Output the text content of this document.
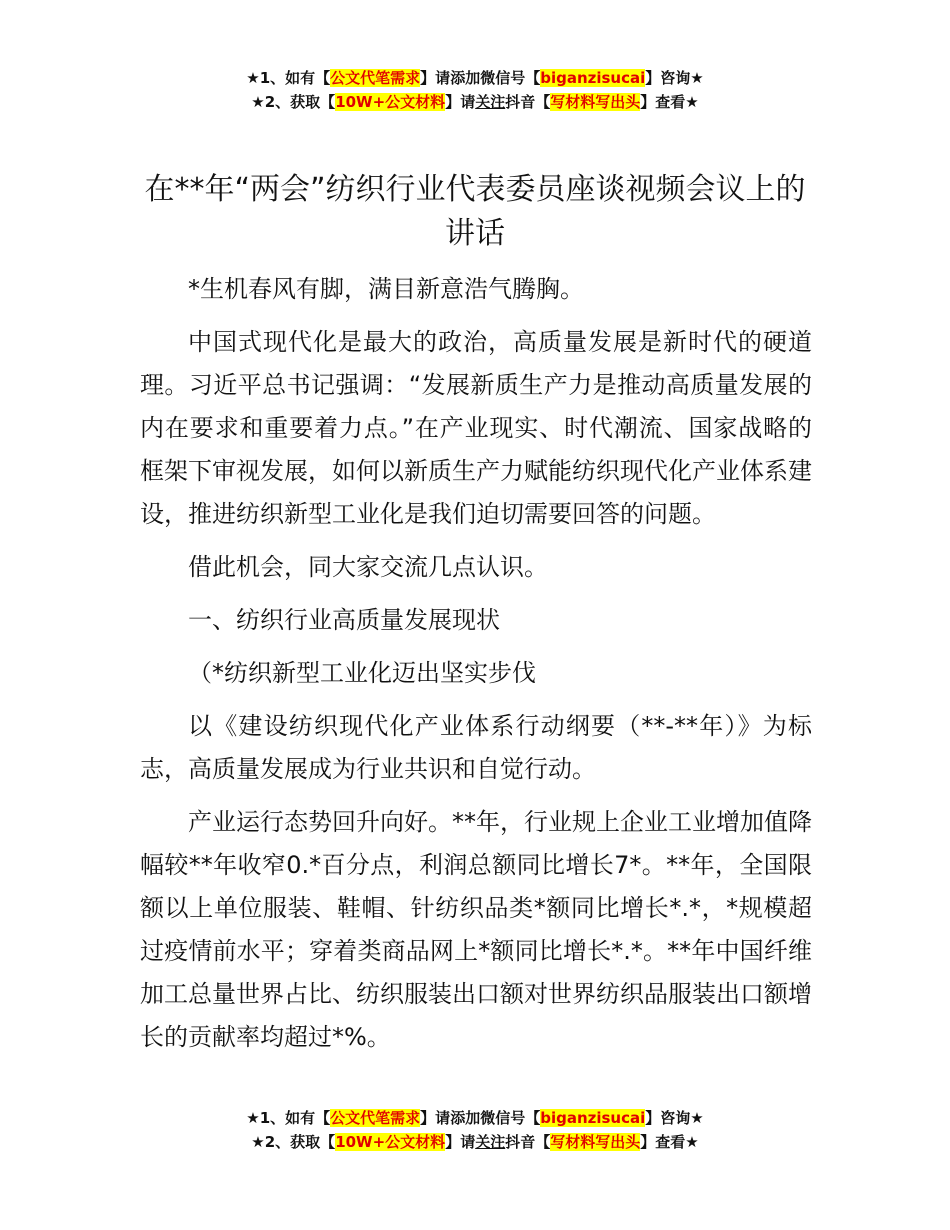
★1、如有【公文代笔需求】请添加微信号【biganzisucai】咨询★
★2、获取【10W+公文材料】请关注抖音【写材料写出头】查看★
在**年“两会”纺织行业代表委员座谈视频会议上的讲话

*生机春风有脚，满目新意浩气腾胸。

中国式现代化是最大的政治，高质量发展是新时代的硬道理。习近平总书记强调：“发展新质生产力是推动高质量发展的内在要求和重要着力点。”在产业现实、时代潮流、国家战略的框架下审视发展，如何以新质生产力赋能纺织现代化产业体系建设，推进纺织新型工业化是我们迫切需要回答的问题。

借此机会，同大家交流几点认识。

一、纺织行业高质量发展现状

（*纺织新型工业化迈出坚实步伐

以《建设纺织现代化产业体系行动纲要（**-**年）》为标志，高质量发展成为行业共识和自觉行动。

产业运行态势回升向好。**年，行业规上企业工业增加值降幅较**年收窄0.*百分点，利润总额同比增长7*。**年，全国限额以上单位服装、鞋帽、针纺织品类*额同比增长*.*，*规模超过疫情前水平；穿着类商品网上*额同比增长*.*。**年中国纤维加工总量世界占比、纺织服装出口额对世界纺织品服装出口额增长的贡献率均超过*%。

★1、如有【公文代笔需求】请添加微信号【biganzisucai】咨询★
★2、获取【10W+公文材料】请关注抖音【写材料写出头】查看★
